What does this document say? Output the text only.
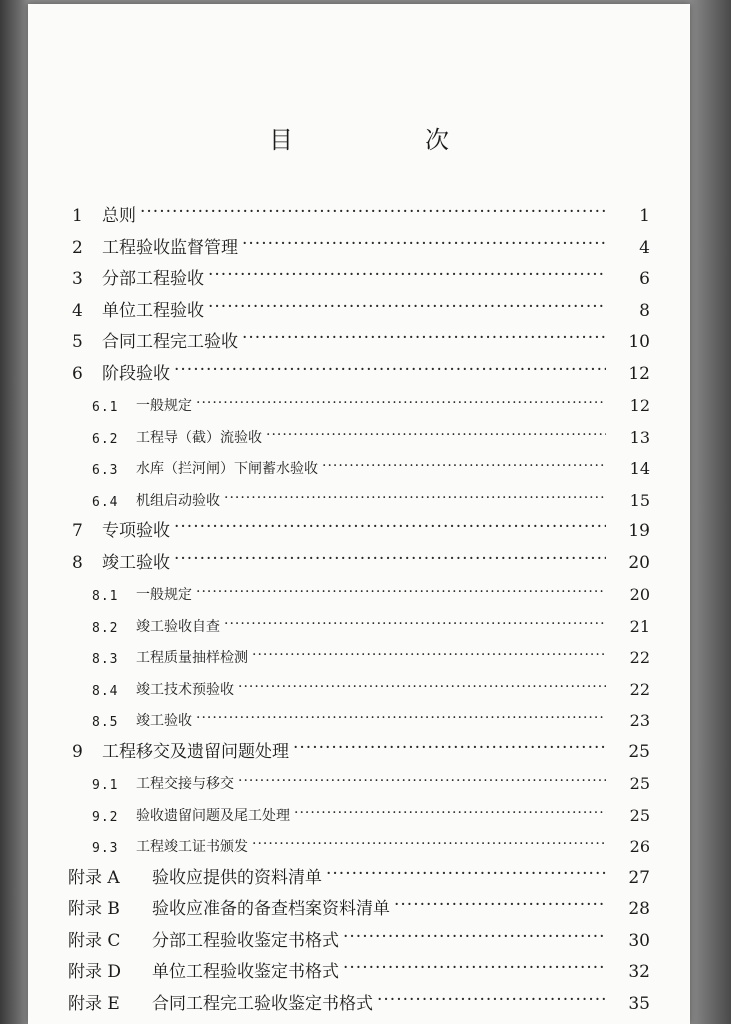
目　次
1	总则 ·····	1
2	工程验收监督管理 ·····	4
3	分部工程验收 ·····	6
4	单位工程验收 ·····	8
5	合同工程完工验收 ·····	10
6	阶段验收 ·····	12
6.1	一般规定 ·····	12
6.2	工程导（截）流验收 ·····	13
6.3	水库（拦河闸）下闸蓄水验收 ·····	14
6.4	机组启动验收 ·····	15
7	专项验收 ·····	19
8	竣工验收 ·····	20
8.1	一般规定 ·····	20
8.2	竣工验收自查 ·····	21
8.3	工程质量抽样检测 ·····	22
8.4	竣工技术预验收 ·····	22
8.5	竣工验收 ·····	23
9	工程移交及遗留问题处理 ·····	25
9.1	工程交接与移交 ·····	25
9.2	验收遗留问题及尾工处理 ·····	25
9.3	工程竣工证书颁发 ·····	26
附录 A	验收应提供的资料清单 ·····	27
附录 B	验收应准备的备查档案资料清单 ·····	28
附录 C	分部工程验收鉴定书格式 ·····	30
附录 D	单位工程验收鉴定书格式 ·····	32
附录 E	合同工程完工验收鉴定书格式 ·····	35
